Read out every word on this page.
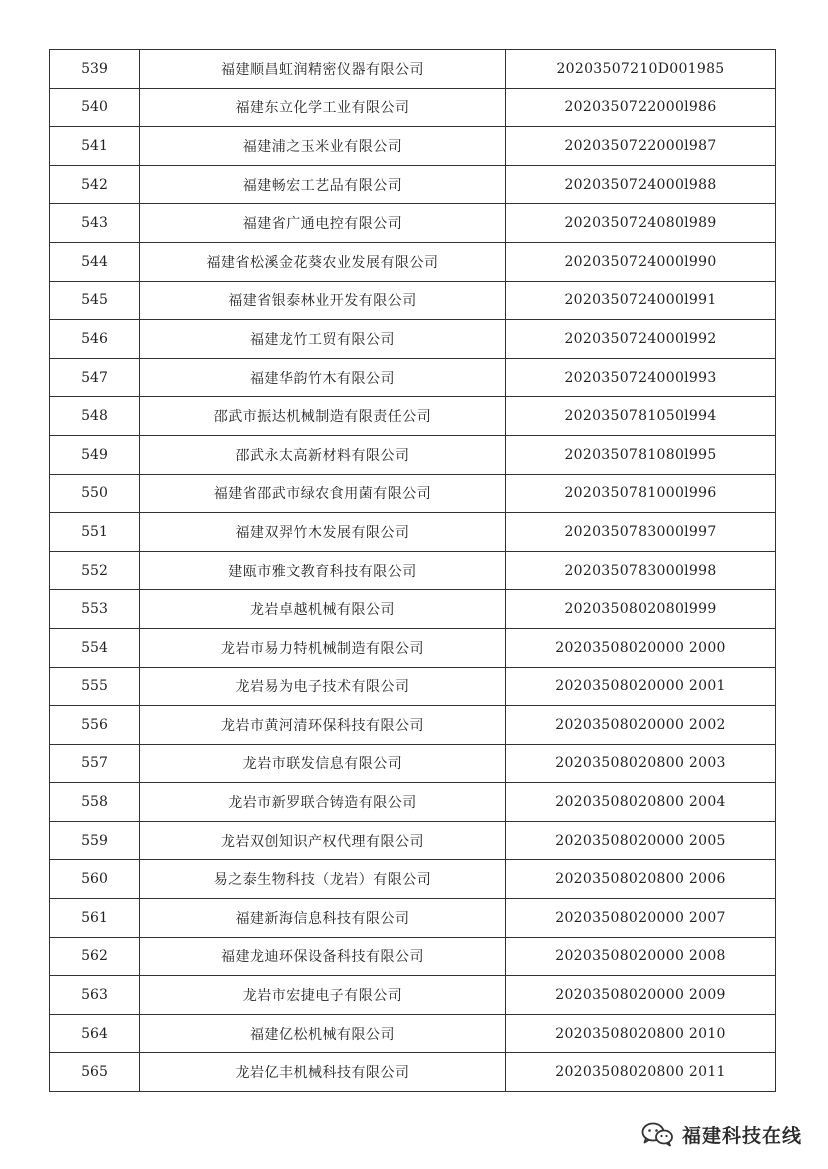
539	福建顺昌虹润精密仪器有限公司	20203507210D001985
540	福建东立化学工业有限公司	2020350722000l986
541	福建浦之玉米业有限公司	2020350722000l987
542	福建畅宏工艺品有限公司	2020350724000l988
543	福建省广通电控有限公司	2020350724080l989
544	福建省松溪金花葵农业发展有限公司	2020350724000l990
545	福建省银泰林业开发有限公司	2020350724000l991
546	福建龙竹工贸有限公司	2020350724000l992
547	福建华韵竹木有限公司	2020350724000l993
548	邵武市振达机械制造有限责任公司	2020350781050l994
549	邵武永太高新材料有限公司	2020350781080l995
550	福建省邵武市绿农食用菌有限公司	2020350781000l996
551	福建双羿竹木发展有限公司	2020350783000l997
552	建瓯市雅文教育科技有限公司	2020350783000l998
553	龙岩卓越机械有限公司	2020350802080l999
554	龙岩市易力特机械制造有限公司	20203508020000 2000
555	龙岩易为电子技术有限公司	20203508020000 2001
556	龙岩市黄河清环保科技有限公司	20203508020000 2002
557	龙岩市联发信息有限公司	20203508020800 2003
558	龙岩市新罗联合铸造有限公司	20203508020800 2004
559	龙岩双创知识产权代理有限公司	20203508020000 2005
560	易之泰生物科技（龙岩）有限公司	20203508020800 2006
561	福建新海信息科技有限公司	20203508020000 2007
562	福建龙迪环保设备科技有限公司	20203508020000 2008
563	龙岩市宏捷电子有限公司	20203508020000 2009
564	福建亿松机械有限公司	20203508020800 2010
565	龙岩亿丰机械科技有限公司	20203508020800 2011
福建科技在线
